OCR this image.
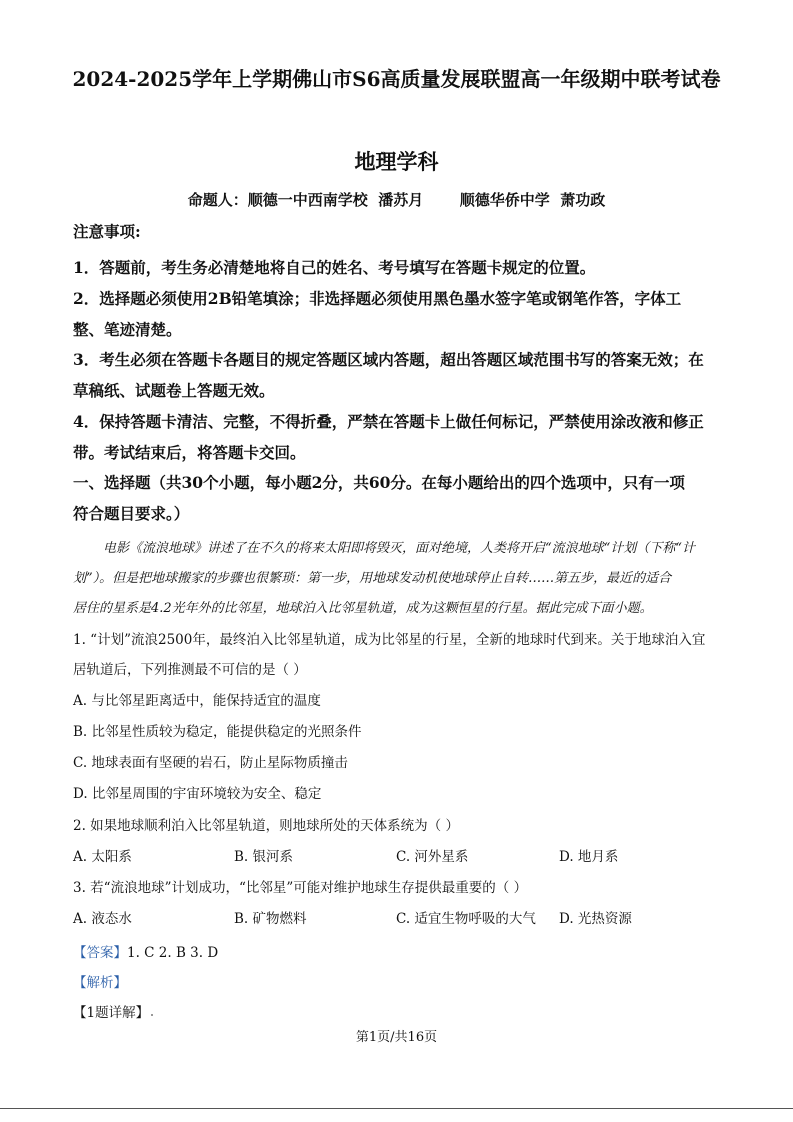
2024-2025学年上学期佛山市S6高质量发展联盟高一年级期中联考试卷
地理学科
命题人：顺德一中西南学校  潘苏月       顺德华侨中学  萧功政
注意事项:
1．答题前，考生务必清楚地将自己的姓名、考号填写在答题卡规定的位置。
2．选择题必须使用2B铅笔填涂；非选择题必须使用黑色墨水签字笔或钢笔作答，字体工
整、笔迹清楚。
3．考生必须在答题卡各题目的规定答题区域内答题，超出答题区域范围书写的答案无效；在
草稿纸、试题卷上答题无效。
4．保持答题卡清洁、完整，不得折叠，严禁在答题卡上做任何标记，严禁使用涂改液和修正
带。考试结束后，将答题卡交回。
一、选择题（共30个小题，每小题2分，共60分。在每小题给出的四个选项中，只有一项
符合题目要求。）
电影《流浪地球》讲述了在不久的将来太阳即将毁灭，面对绝境，人类将开启“流浪地球“计划（下称“计
划”）。但是把地球搬家的步骤也很繁琐：第一步，用地球发动机使地球停止自转……第五步，最近的适合
居住的星系是4.2光年外的比邻星，地球泊入比邻星轨道，成为这颗恒星的行星。据此完成下面小题。
1. “计划”流浪2500年，最终泊入比邻星轨道，成为比邻星的行星，全新的地球时代到来。关于地球泊入宜
居轨道后，下列推测最不可信的是（ ）
A. 与比邻星距离适中，能保持适宜的温度
B. 比邻星性质较为稳定，能提供稳定的光照条件
C. 地球表面有坚硬的岩石，防止星际物质撞击
D. 比邻星周围的宇宙环境较为安全、稳定
2. 如果地球顺利泊入比邻星轨道，则地球所处的天体系统为（ ）
A. 太阳系	B. 银河系	C. 河外星系	D. 地月系
3. 若“流浪地球”计划成功，“比邻星”可能对维护地球生存提供最重要的（ ）
A. 液态水	B. 矿物燃料	C. 适宜生物呼吸的大气 D. 光热资源
【答案】1. C 2. B 3. D
【解析】
【1题详解】
第1页/共16页
